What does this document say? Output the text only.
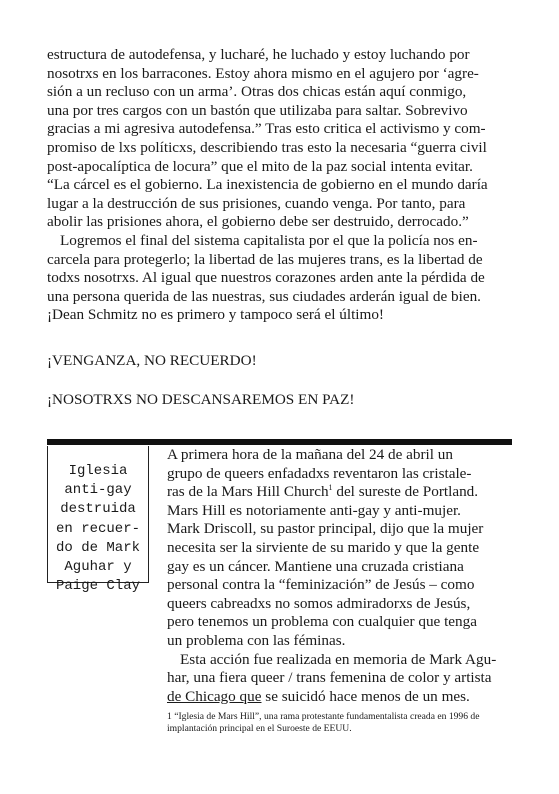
estructura de autodefensa, y lucharé, he luchado y estoy luchando por
nosotrxs en los barracones. Estoy ahora mismo en el agujero por ‘agre-
sión a un recluso con un arma’. Otras dos chicas están aquí conmigo,
una por tres cargos con un bastón que utilizaba para saltar. Sobrevivo
gracias a mi agresiva autodefensa.” Tras esto critica el activismo y com-
promiso de lxs políticxs, describiendo tras esto la necesaria “guerra civil
post-apocalíptica de locura” que el mito de la paz social intenta evitar.
“La cárcel es el gobierno. La inexistencia de gobierno en el mundo daría
lugar a la destrucción de sus prisiones, cuando venga. Por tanto, para
abolir las prisiones ahora, el gobierno debe ser destruido, derrocado.”

Logremos el final del sistema capitalista por el que la policía nos en-
carcela para protegerlo; la libertad de las mujeres trans, es la libertad de
todxs nosotrxs. Al igual que nuestros corazones arden ante la pérdida de
una persona querida de las nuestras, sus ciudades arderán igual de bien.
¡Dean Schmitz no es primero y tampoco será el último!

¡VENGANZA, NO RECUERDO!
¡NOSOTRXS NO DESCANSAREMOS EN PAZ!
Iglesia
anti-gay
destruida
en recuer-
do de Mark
Aguhar y
Paige Clay

A primera hora de la mañana del 24 de abril un
grupo de queers enfadadxs reventaron las cristale-
ras de la Mars Hill Church$^1$ del sureste de Portland.
Mars Hill es notoriamente anti-gay y anti-mujer.
Mark Driscoll, su pastor principal, dijo que la mujer
necesita ser la sirviente de su marido y que la gente
gay es un cáncer. Mantiene una cruzada cristiana
personal contra la “feminización” de Jesús – como
queers cabreadxs no somos admiradorxs de Jesús,
pero tenemos un problema con cualquier que tenga
un problema con las féminas.

Esta acción fue realizada en memoria de Mark Agu-
har, una fiera queer / trans femenina de color y artista
de Chicago que se suicidó hace menos de un mes.

1 “Iglesia de Mars Hill”, una rama protestante fundamentalista creada en 1996 de
implantación principal en el Suroeste de EEUU.
